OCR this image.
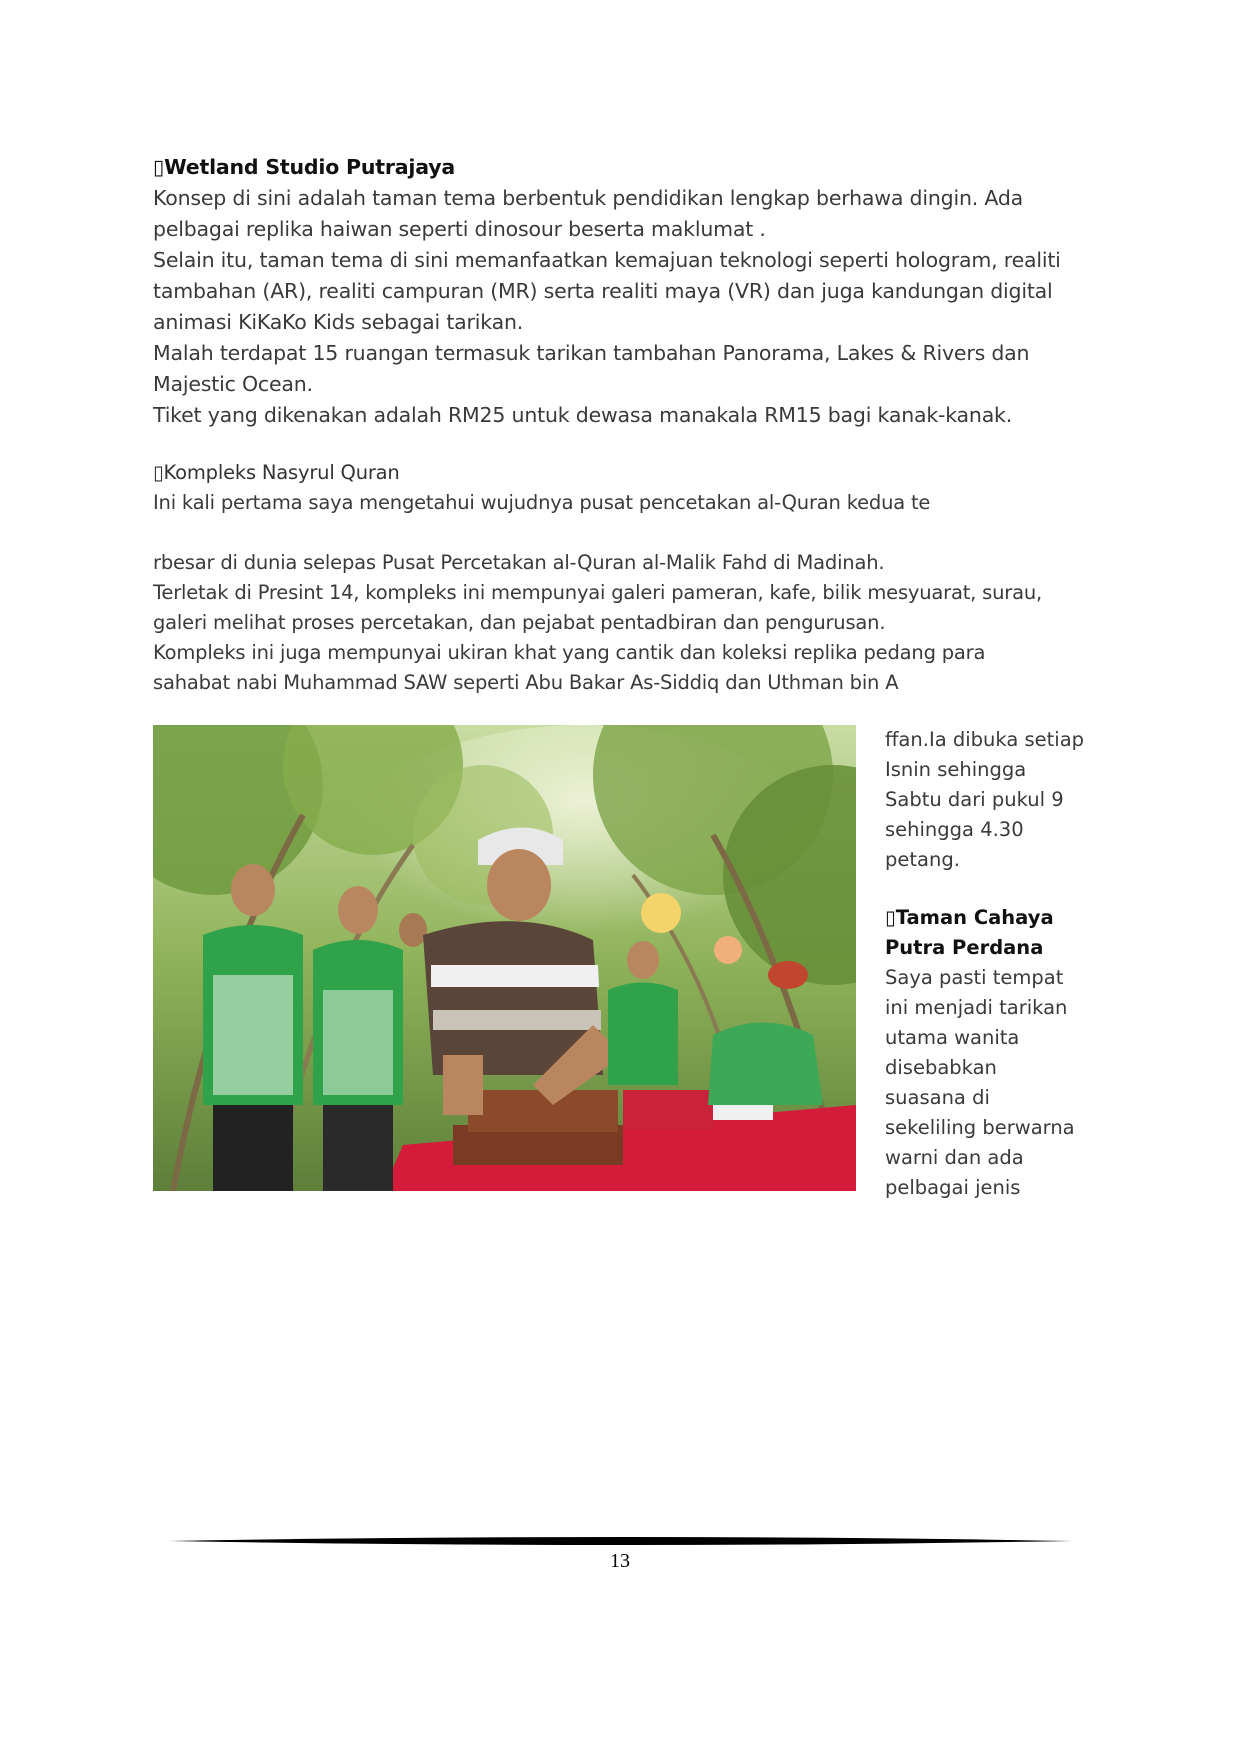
▯Wetland Studio Putrajaya
Konsep di sini adalah taman tema berbentuk pendidikan lengkap berhawa dingin. Ada
pelbagai replika haiwan seperti dinosour beserta maklumat .
Selain itu, taman tema di sini memanfaatkan kemajuan teknologi seperti hologram, realiti
tambahan (AR), realiti campuran (MR) serta realiti maya (VR) dan juga kandungan digital
animasi KiKaKo Kids sebagai tarikan.
Malah terdapat 15 ruangan termasuk tarikan tambahan Panorama, Lakes & Rivers dan
Majestic Ocean.
Tiket yang dikenakan adalah RM25 untuk dewasa manakala RM15 bagi kanak-kanak.
▯Kompleks Nasyrul Quran
Ini kali pertama saya mengetahui wujudnya pusat pencetakan al-Quran kedua te
rbesar di dunia selepas Pusat Percetakan al-Quran al-Malik Fahd di Madinah.
Terletak di Presint 14, kompleks ini mempunyai galeri pameran, kafe, bilik mesyuarat, surau,
galeri melihat proses percetakan, dan pejabat pentadbiran dan pengurusan.
Kompleks ini juga mempunyai ukiran khat yang cantik dan koleksi replika pedang para
sahabat nabi Muhammad SAW seperti Abu Bakar As-Siddiq dan Uthman bin A
ffan.Ia dibuka setiap
Isnin sehingga
Sabtu dari pukul 9
sehingga 4.30
petang.
▯Taman Cahaya
Putra Perdana
Saya pasti tempat
ini menjadi tarikan
utama wanita
disebabkan
suasana di
sekeliling berwarna
warni dan ada
pelbagai jenis
13
